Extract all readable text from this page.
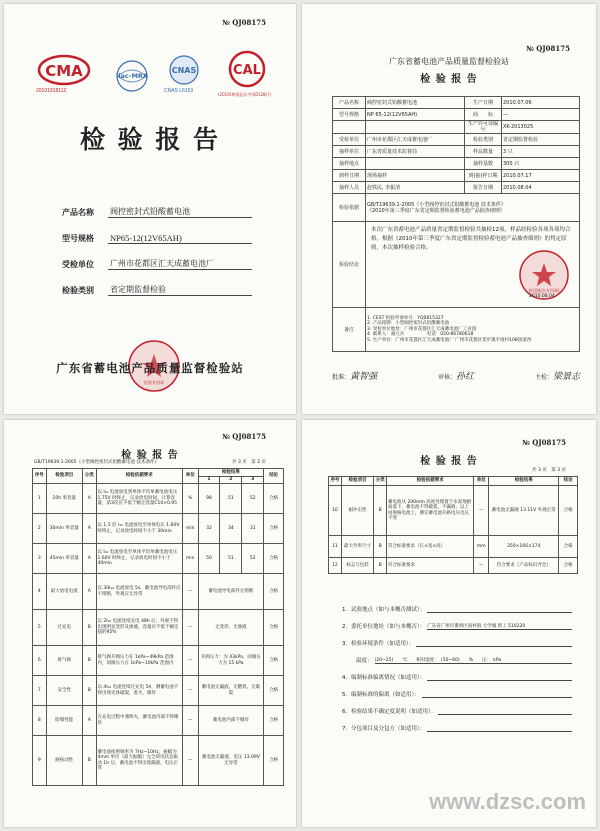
№ QJ08175
CMA
2010191811Z
ilac-MRA
CNAS
CNAS L6153
CAL
(2010)粤质监认字(S0128)号
检 验 报 告
产品名称	阀控密封式铅酸蓄电池
型号规格	NP65-12(12V65AH)
受检单位	广州市花都区汇天成蓄电池厂
检验类别	省定期监督检验
检验专用章
广东省蓄电池产品质量监督检验站
№ QJ08175
广东省蓄电池产品质量监督检验站
检 验 报 告
产品名称	阀控密封式铅酸蓄电池	生产日期	2010.07.06
型号规格	NP 65-12(12V65AH)	商　　标	—
		生产许可证编号	XK-2013025
受检单位	广州市花都区汇天成蓄电池厂	检验类别	省定期监督检验
抽样单位	广东省质量技术监督局	样品数量	3 只
抽样地点		抽样基数	300 只
到样日期	现场抽样	到(抽)样日期	2010.07.17
抽样人员	赵铁民, 李振清	报告日期	2010.08.04
检验依据	GB/T19639.1-2005《小型阀控密封式铅酸蓄电池 技术条件》
《2010年第三季度广东省定期监督检验蓄电池产品抽查细则》		

检验结论	本次广东省蓄电池产品质量省定期监督检验共抽检12项，样品经检验各项各项均合格。根据《2010年第三季度广东省定期监督检验蓄电池产品抽查细则》的判定原则，本次抽样检验合格。
(检验报告专用章)
2010.08.04		

备注	1. CEST 检验申请单号：YQ0815327
2. 产品铭牌：小型阀控密封式铅酸蓄电池
3. 受检单位地址：广州市花都区汇天成蓄电池厂工业园
4. 联系人：骆元兵　　　　　电话：020-86780618
5. 生产单位：广州市花都区汇天成蓄电池厂 广州市花都区炭步镇平岗村108国道西		
批准：黄智强	审核：孙红	主检：梁景志
№ QJ08175
检 验 报 告
GB/T19639.1-2005《小型阀控密封式铅酸蓄电池 技术条件》	共 3 页　第 2 页
序号	检验项目	分类	检验依据要求	单位	检验结果			结论
					1	2	3	
1	10h 率容量	A	以 I₁₀ 电流放电到单体平均单蓄电池电压 1.75V 时终止，记录放电时间，计算容量，第3次应不低于额定容量C10×0.95	%	98	51	52	合格
2	30min 率容量	A	以 1.5 倍 I₁₀ 电流放电至单体电压 1.60V 时终止，记录放电时间不小于 30min	min	32	34	31	合格
3	45min 率容量	A	以 I₁₀ 电流放电至单体平均单蓄电池电压 1.60V 时终止，记录放电时间不小于 40min	min	50	51	52	合格
4	最大放电电流	A	以 30I₁₀ 电流放电 5s，蓄电池导电部件应不熔断，外观应无异常	—	蓄电池导电部件无熔断			合格
5	过充电	B	以 2I₁₀ 电流连续充电 48h 后，外观不得出现明显变形及渗液，容量应不低于额定值的95%	—	无变形、无渗液			合格
6	排气阀	B	排气阀开阀压力在 1kPa~49kPa 范围内，闭阀压力在 1kPa~10kPa 范围内	—	开阀压力：为 43kPa，闭阀压力为 15 kPa			合格
7	安全性	B	以 4I₁₀ 电流连续过充电 5h，测蓄电池不得出现壳体破裂，着火，爆炸	—	蓄电池无漏液、无燃烧、无破裂			合格
8	防爆性能	A	在充电过程中遇明火，蓄电池内部不得爆炸	—	蓄电池内部不爆炸			合格
9	耐振动性	B	蓄电池按照频率为 7Hz~10Hz，振幅为 4mm 单位（最大振幅）完全荷电状态振动 1h 后，蓄电池不得出现漏液，电压正常	—	蓄电池无漏液，电压 13.09V 无异常			合格
№ QJ08175
检 验 报 告
共 3 页　第 3 页
序号	检验项目	分类	检验依据要求	单位	检验结果	结论
10	耐冲击性	B	蓄电池从 200mm 高度处理置于水泥地板面落下，蓄电池不得破裂、不漏液，以上同规格电池上，测定蓄电池开路电压电压不变	—	蓄电池无漏液 13.11V 外观正常	合格
11	最大外形尺寸	B	符合标准要求（长×宽×高）	mm	350×166×174	合格
12	标志与包装	B	符合标准要求	—	符合要求（产品标识齐全）	合格
1．试验地点（如与本概否测试）：
2．委托单位地址（如与本概否）： 广东省广州市番禺区南村镇 大学城 新工 510220
3．检验环境条件（如适用）：
温度： (20~25)　　℃　　相对湿度：　(50~60)　　%　　压：　kPa
4．编制标准偏离情况（如适用）：
5．编制标准的偏离（如适用）：
6．检验结果不确定度说明（如适用）：
7．分包项目及分包方（如适用）：
www.dzsc.com
